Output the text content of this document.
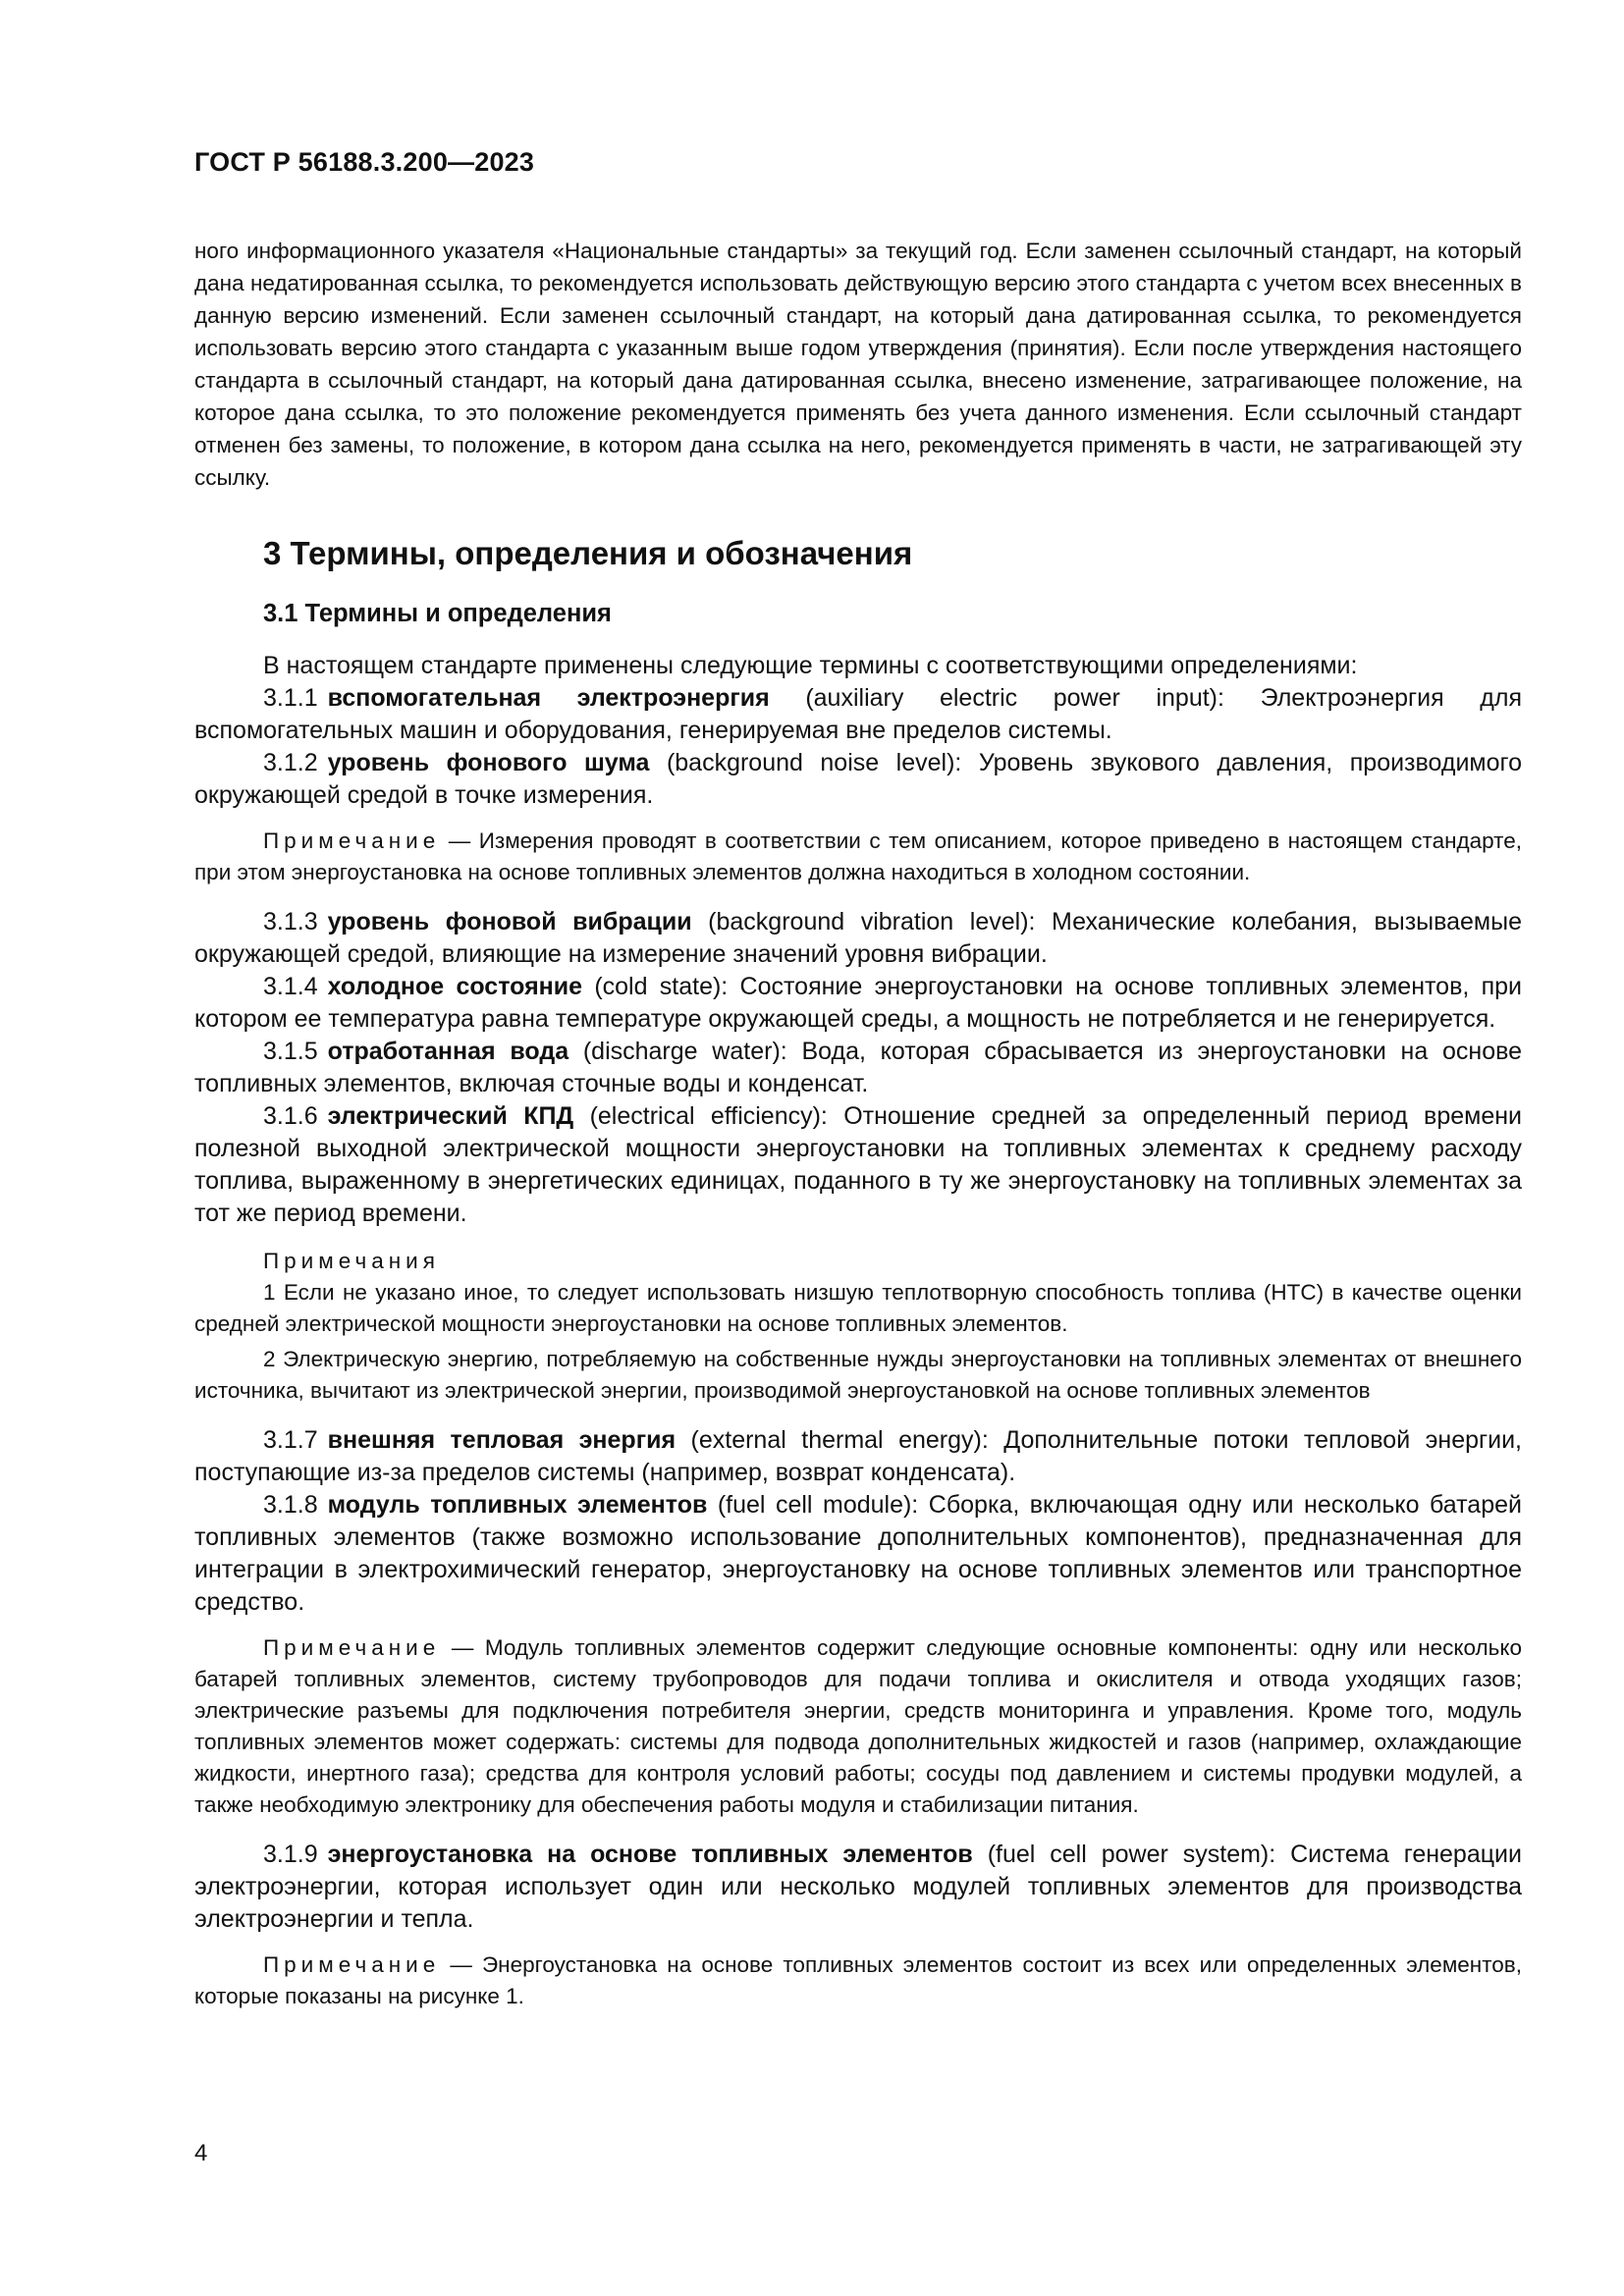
ГОСТ Р 56188.3.200—2023

ного информационного указателя «Национальные стандарты» за текущий год. Если заменен ссылочный стандарт, на который дана недатированная ссылка, то рекомендуется использовать действующую версию этого стандарта с учетом всех внесенных в данную версию изменений. Если заменен ссылочный стандарт, на который дана датированная ссылка, то рекомендуется использовать версию этого стандарта с указанным выше годом утверждения (принятия). Если после утверждения настоящего стандарта в ссылочный стандарт, на который дана датированная ссылка, внесено изменение, затрагивающее положение, на которое дана ссылка, то это положение рекомендуется применять без учета данного изменения. Если ссылочный стандарт отменен без замены, то положение, в котором дана ссылка на него, рекомендуется применять в части, не затрагивающей эту ссылку.

3 Термины, определения и обозначения
3.1 Термины и определения

В настоящем стандарте применены следующие термины с соответствующими определениями:

3.1.1 вспомогательная электроэнергия (auxiliary electric power input): Электроэнергия для вспомогательных машин и оборудования, генерируемая вне пределов системы.

3.1.2 уровень фонового шума (background noise level): Уровень звукового давления, производимого окружающей средой в точке измерения.

Примечание — Измерения проводят в соответствии с тем описанием, которое приведено в настоящем стандарте, при этом энергоустановка на основе топливных элементов должна находиться в холодном состоянии.

3.1.3 уровень фоновой вибрации (background vibration level): Механические колебания, вызываемые окружающей средой, влияющие на измерение значений уровня вибрации.

3.1.4 холодное состояние (cold state): Состояние энергоустановки на основе топливных элементов, при котором ее температура равна температуре окружающей среды, а мощность не потребляется и не генерируется.

3.1.5 отработанная вода (discharge water): Вода, которая сбрасывается из энергоустановки на основе топливных элементов, включая сточные воды и конденсат.

3.1.6 электрический КПД (electrical efficiency): Отношение средней за определенный период времени полезной выходной электрической мощности энергоустановки на топливных элементах к среднему расходу топлива, выраженному в энергетических единицах, поданного в ту же энергоустановку на топливных элементах за тот же период времени.

Примечания

1 Если не указано иное, то следует использовать низшую теплотворную способность топлива (НТС) в качестве оценки средней электрической мощности энергоустановки на основе топливных элементов.

2 Электрическую энергию, потребляемую на собственные нужды энергоустановки на топливных элементах от внешнего источника, вычитают из электрической энергии, производимой энергоустановкой на основе топливных элементов

3.1.7 внешняя тепловая энергия (external thermal energy): Дополнительные потоки тепловой энергии, поступающие из-за пределов системы (например, возврат конденсата).

3.1.8 модуль топливных элементов (fuel cell module): Сборка, включающая одну или несколько батарей топливных элементов (также возможно использование дополнительных компонентов), предназначенная для интеграции в электрохимический генератор, энергоустановку на основе топливных элементов или транспортное средство.

Примечание — Модуль топливных элементов содержит следующие основные компоненты: одну или несколько батарей топливных элементов, систему трубопроводов для подачи топлива и окислителя и отвода уходящих газов; электрические разъемы для подключения потребителя энергии, средств мониторинга и управления. Кроме того, модуль топливных элементов может содержать: системы для подвода дополнительных жидкостей и газов (например, охлаждающие жидкости, инертного газа); средства для контроля условий работы; сосуды под давлением и системы продувки модулей, а также необходимую электронику для обеспечения работы модуля и стабилизации питания.

3.1.9 энергоустановка на основе топливных элементов (fuel cell power system): Система генерации электроэнергии, которая использует один или несколько модулей топливных элементов для производства электроэнергии и тепла.

Примечание — Энергоустановка на основе топливных элементов состоит из всех или определенных элементов, которые показаны на рисунке 1.

4
